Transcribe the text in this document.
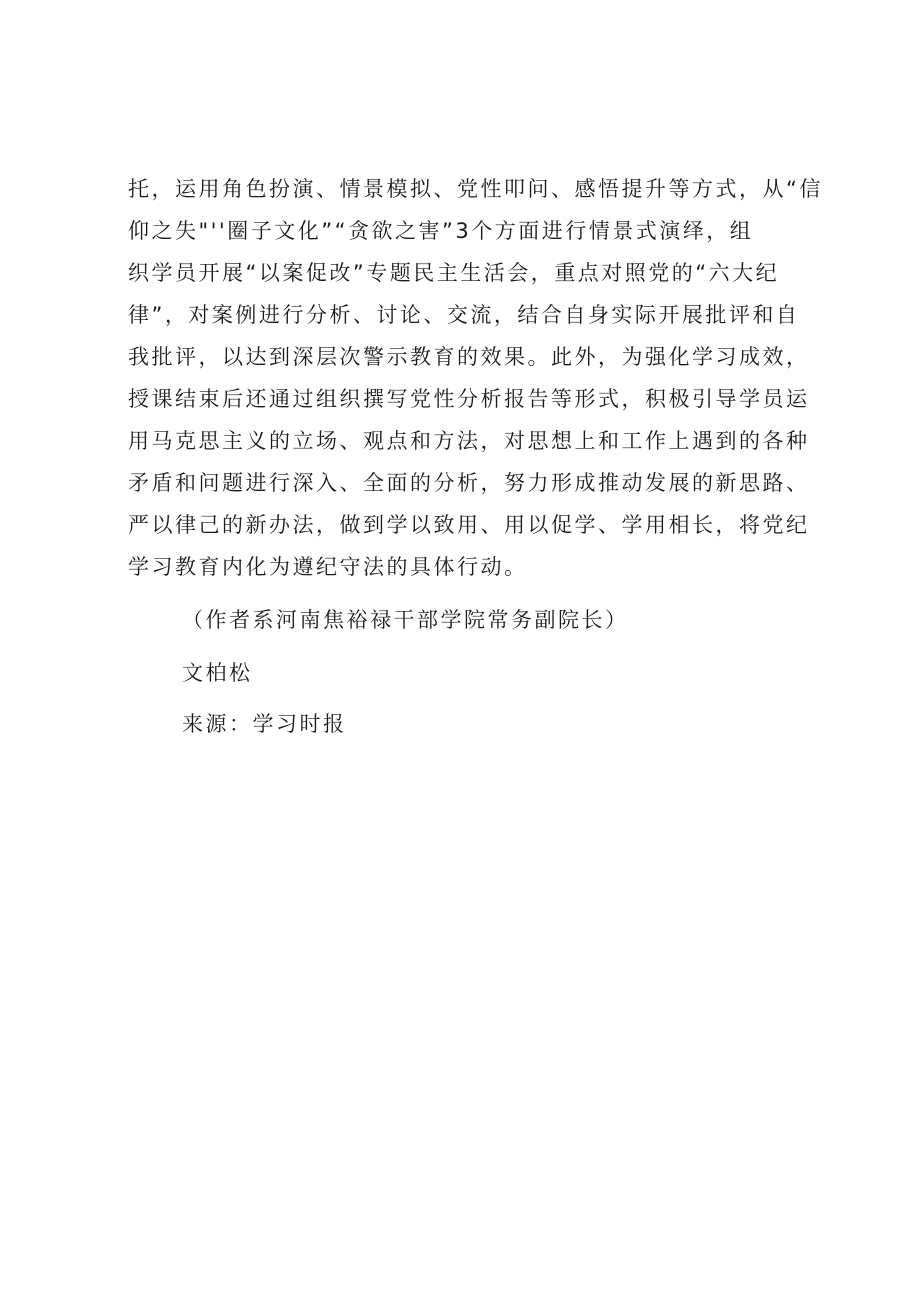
托，运用角色扮演、情景模拟、党性叩问、感悟提升等方式，从“信
仰之失"''圈子文化”“贪欲之害”3个方面进行情景式演绎，组
织学员开展“以案促改”专题民主生活会，重点对照党的“六大纪
律”，对案例进行分析、讨论、交流，结合自身实际开展批评和自
我批评，以达到深层次警示教育的效果。此外，为强化学习成效，
授课结束后还通过组织撰写党性分析报告等形式，积极引导学员运
用马克思主义的立场、观点和方法，对思想上和工作上遇到的各种
矛盾和问题进行深入、全面的分析，努力形成推动发展的新思路、
严以律己的新办法，做到学以致用、用以促学、学用相长，将党纪
学习教育内化为遵纪守法的具体行动。
（作者系河南焦裕禄干部学院常务副院长）
文柏松
来源：学习时报
